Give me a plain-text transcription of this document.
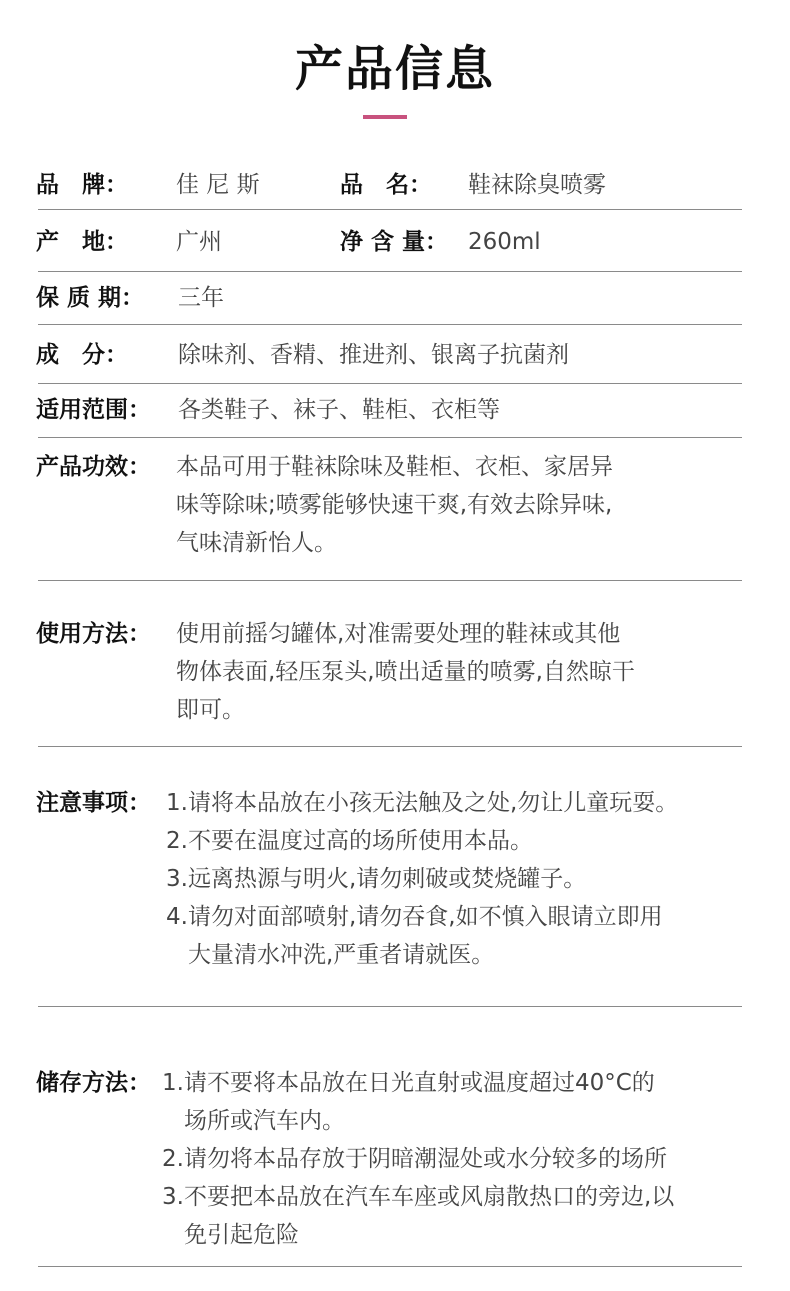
产品信息
品　牌： 佳 尼 斯	品　名： 鞋袜除臭喷雾
产　地： 广州	净 含 量： 260ml
保 质 期： 三年
成　分： 除味剂、香精、推进剂、银离子抗菌剂
适用范围： 各类鞋子、袜子、鞋柜、衣柜等
产品功效： 本品可用于鞋袜除味及鞋柜、衣柜、家居异
味等除味;喷雾能够快速干爽,有效去除异味,
气味清新怡人。
使用方法： 使用前摇匀罐体,对准需要处理的鞋袜或其他
物体表面,轻压泵头,喷出适量的喷雾,自然晾干
即可。
注意事项： 1.请将本品放在小孩无法触及之处,勿让儿童玩耍。
2.不要在温度过高的场所使用本品。
3.远离热源与明火,请勿刺破或焚烧罐子。
4.请勿对面部喷射,请勿吞食,如不慎入眼请立即用
大量清水冲洗,严重者请就医。
储存方法： 1.请不要将本品放在日光直射或温度超过40°C的
场所或汽车内。
2.请勿将本品存放于阴暗潮湿处或水分较多的场所
3.不要把本品放在汽车车座或风扇散热口的旁边,以
免引起危险
